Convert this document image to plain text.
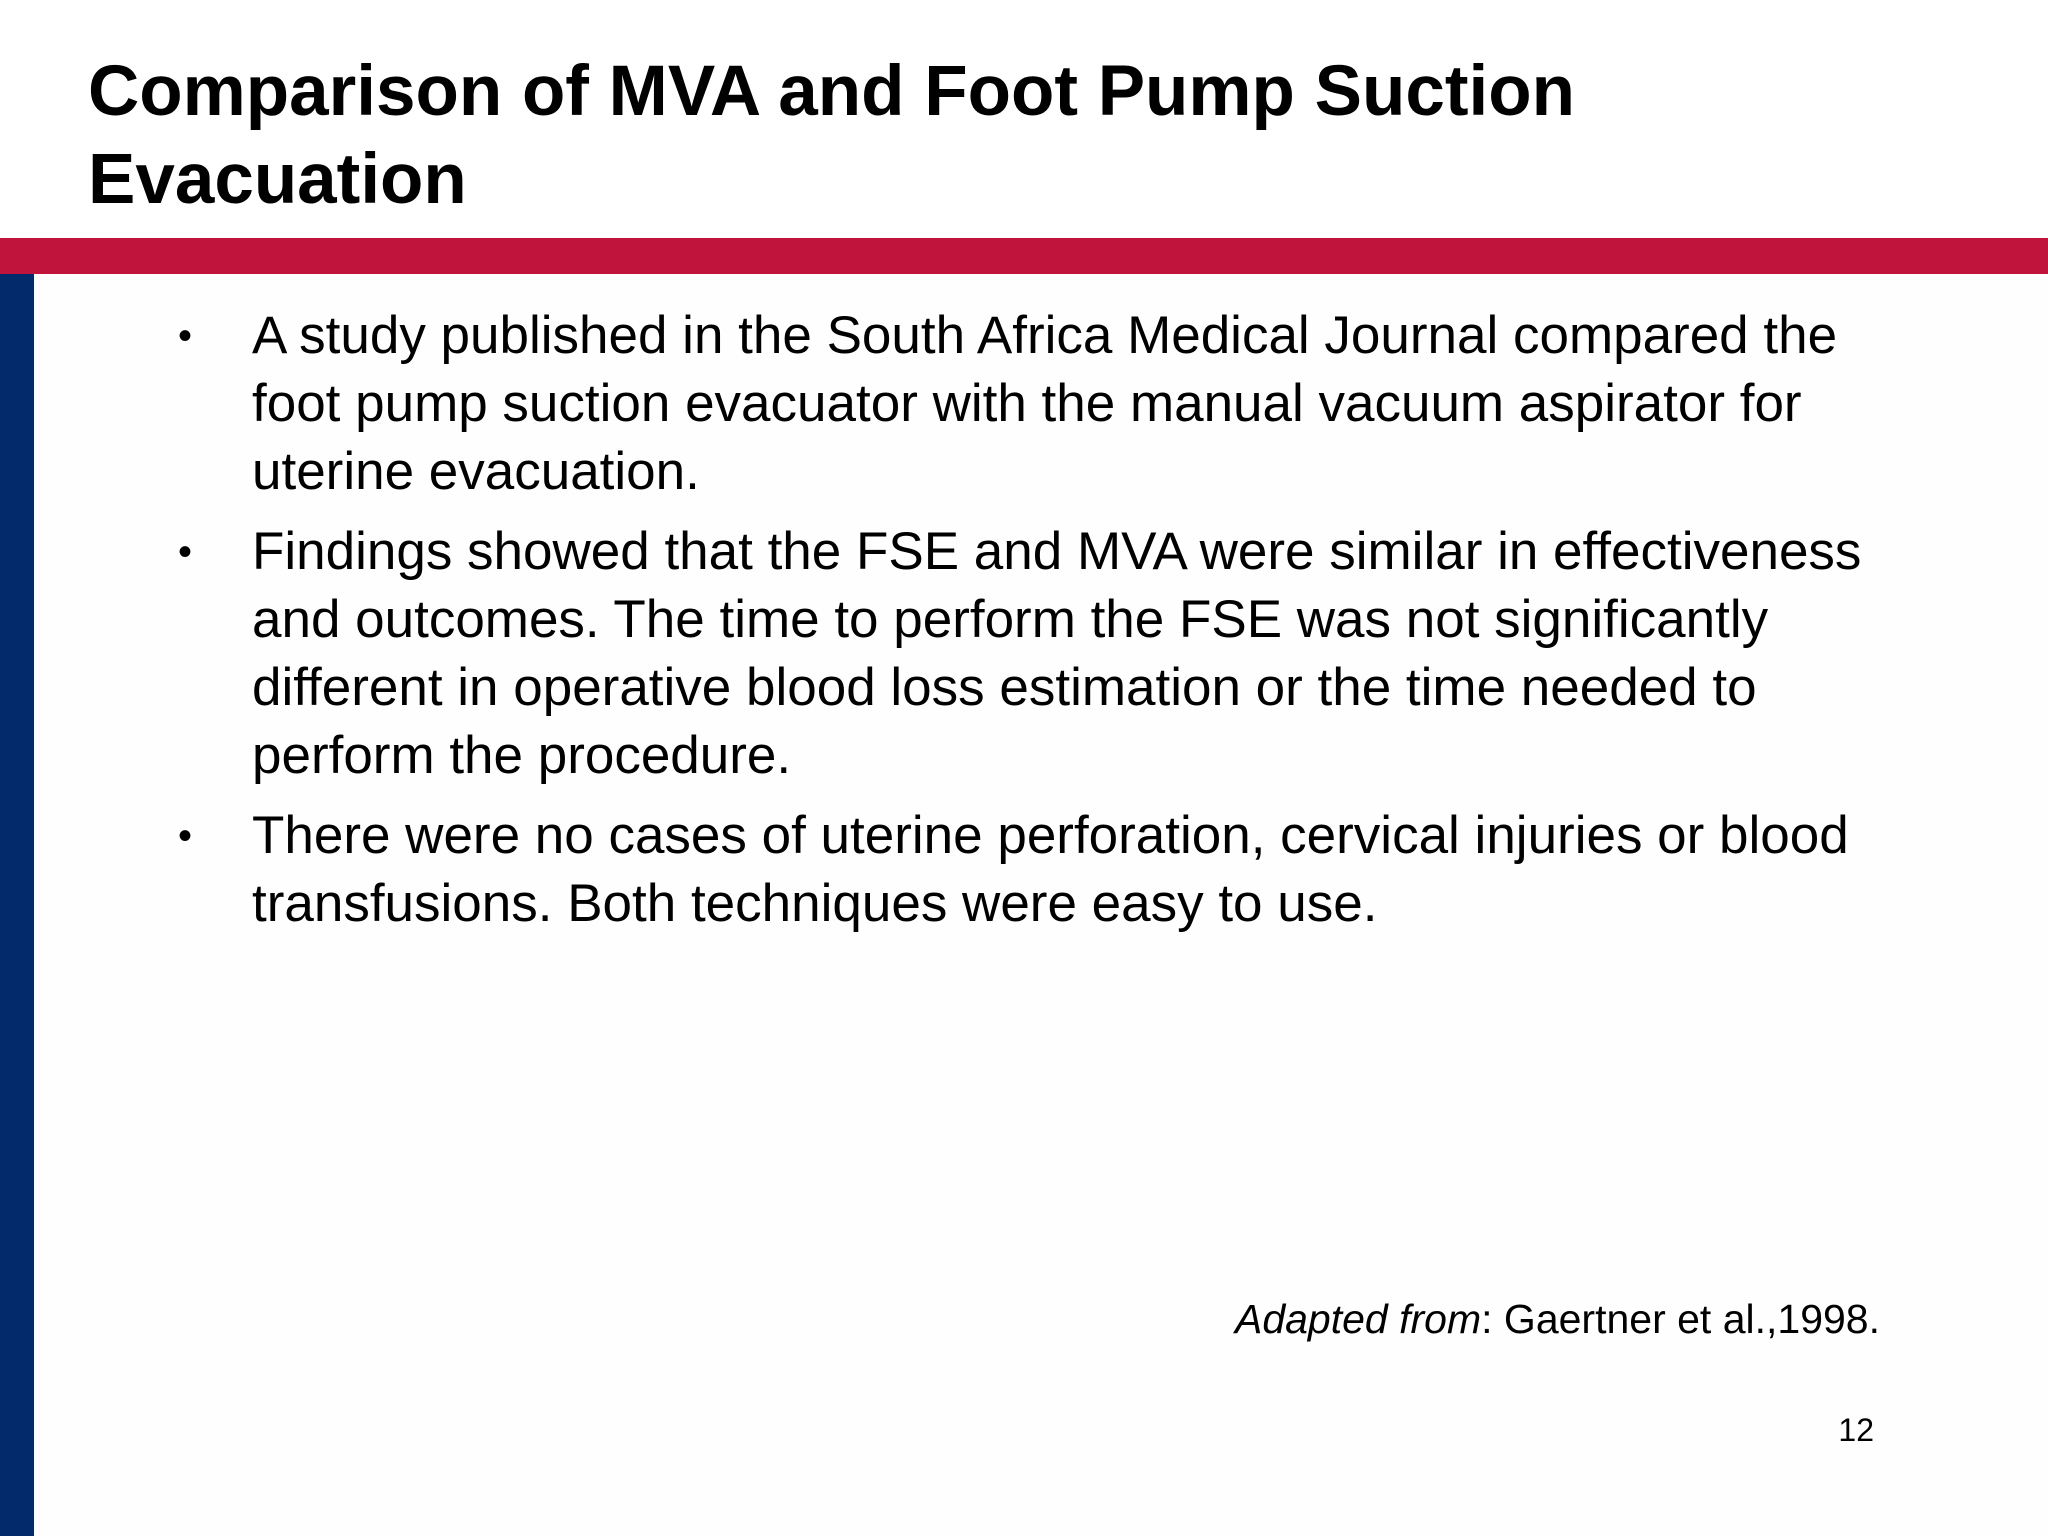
Comparison of MVA and Foot Pump Suction Evacuation
• A study published in the South Africa Medical Journal compared the foot pump suction evacuator with the manual vacuum aspirator for uterine evacuation.
• Findings showed that the FSE and MVA were similar in effectiveness and outcomes. The time to perform the FSE was not significantly different in operative blood loss estimation or the time needed to perform the procedure.
• There were no cases of uterine perforation, cervical injuries or blood transfusions. Both techniques were easy to use.

Adapted from: Gaertner et al.,1998.

12
